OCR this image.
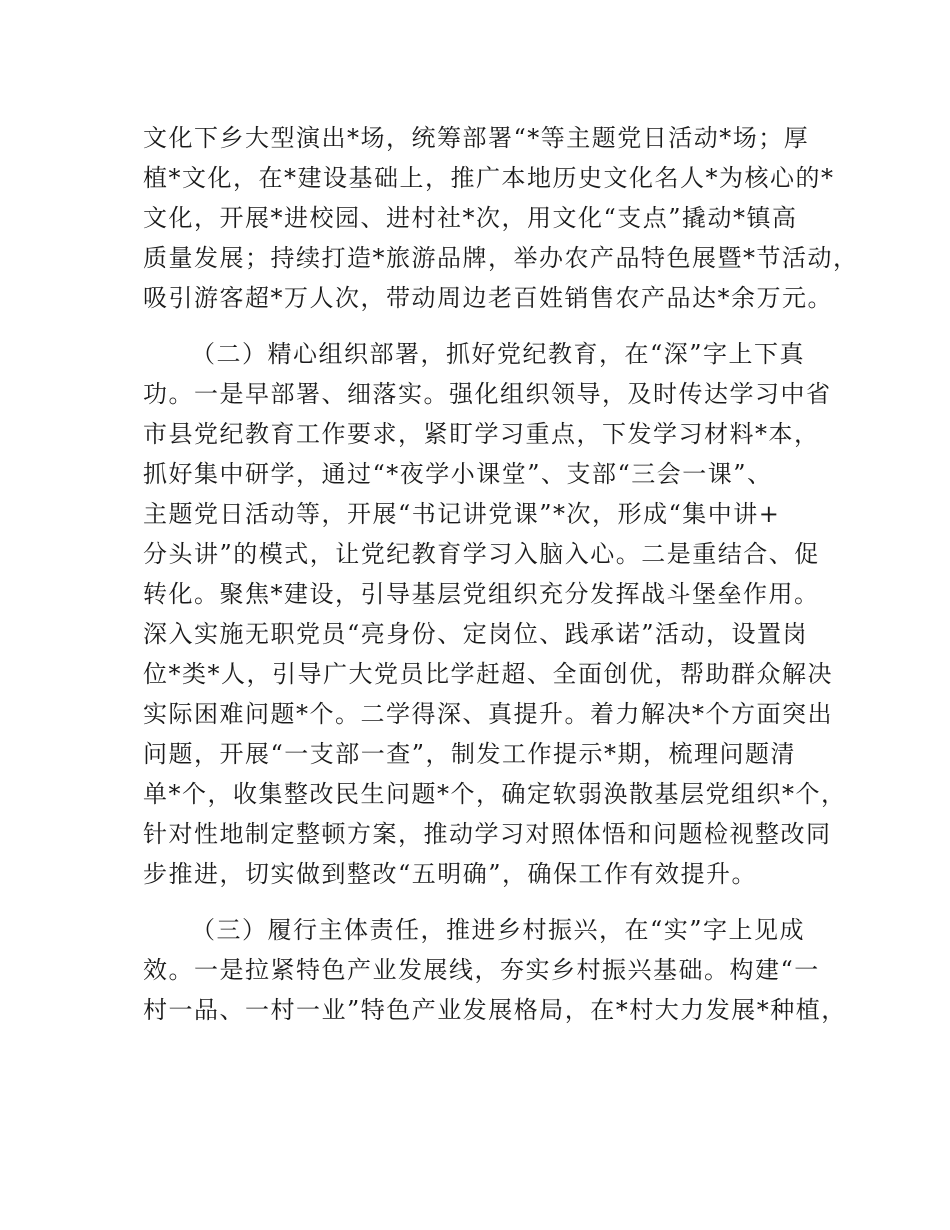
文化下乡大型演出*场，统筹部署“*等主题党日活动*场；厚
植*文化，在*建设基础上，推广本地历史文化名人*为核心的*
文化，开展*进校园、进村社*次，用文化“支点”撬动*镇高
质量发展；持续打造*旅游品牌，举办农产品特色展暨*节活动，
吸引游客超*万人次，带动周边老百姓销售农产品达*余万元。

（二）精心组织部署，抓好党纪教育，在“深”字上下真
功。一是早部署、细落实。强化组织领导，及时传达学习中省
市县党纪教育工作要求，紧盯学习重点，下发学习材料*本，
抓好集中研学，通过“*夜学小课堂”、支部“三会一课”、
主题党日活动等，开展“书记讲党课”*次，形成“集中讲+
分头讲”的模式，让党纪教育学习入脑入心。二是重结合、促
转化。聚焦*建设，引导基层党组织充分发挥战斗堡垒作用。
深入实施无职党员“亮身份、定岗位、践承诺”活动，设置岗
位*类*人，引导广大党员比学赶超、全面创优，帮助群众解决
实际困难问题*个。二学得深、真提升。着力解决*个方面突出
问题，开展“一支部一查”，制发工作提示*期，梳理问题清
单*个，收集整改民生问题*个，确定软弱涣散基层党组织*个，
针对性地制定整顿方案，推动学习对照体悟和问题检视整改同
步推进，切实做到整改“五明确”，确保工作有效提升。

（三）履行主体责任，推进乡村振兴，在“实”字上见成
效。一是拉紧特色产业发展线，夯实乡村振兴基础。构建“一
村一品、一村一业”特色产业发展格局，在*村大力发展*种植，
